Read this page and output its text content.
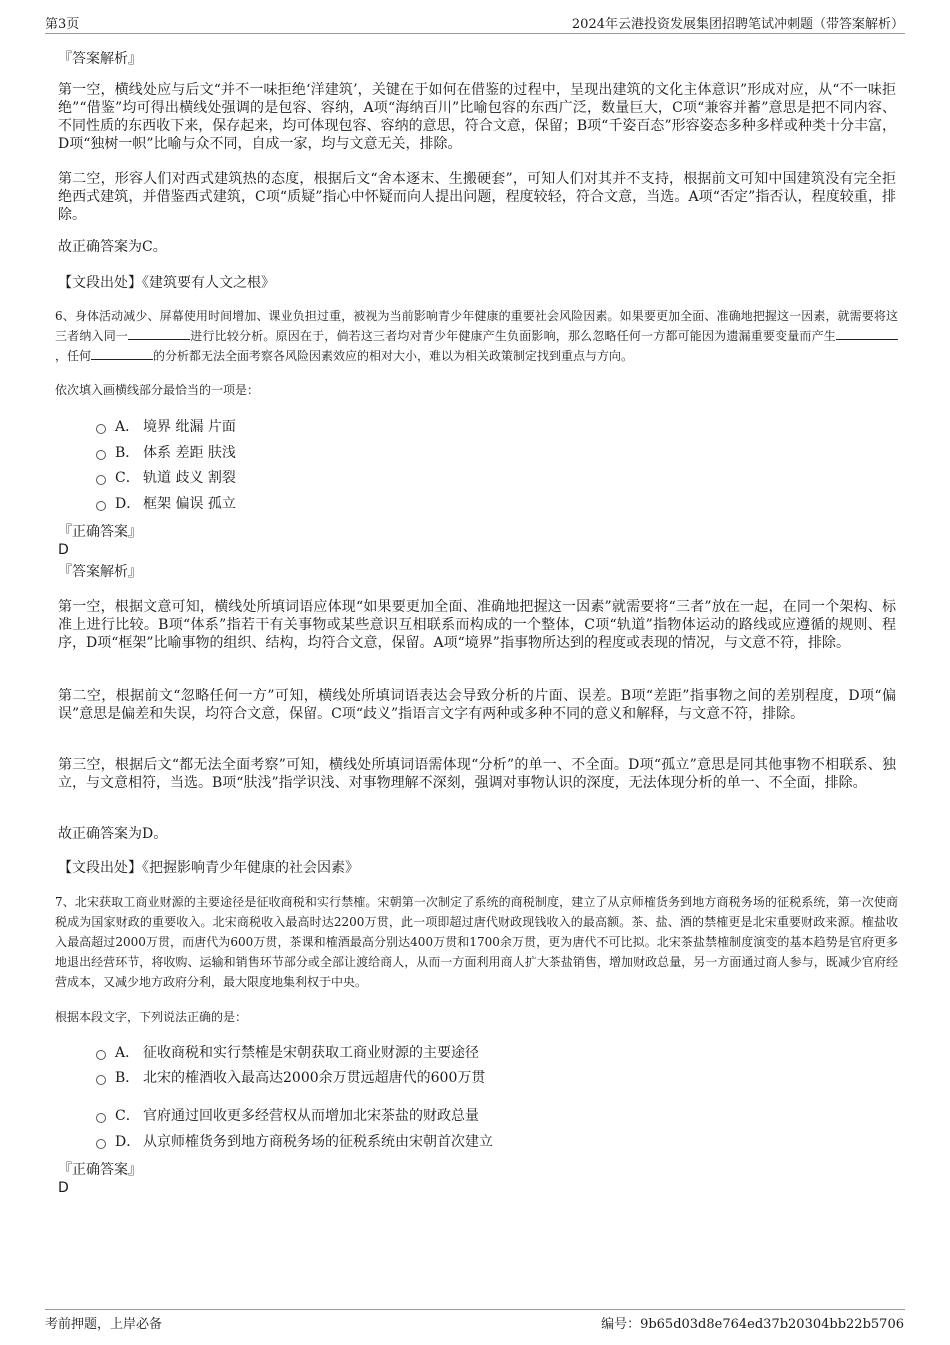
第3页	2024年云港投资发展集团招聘笔试冲刺题（带答案解析）
『答案解析』
第一空，横线处应与后文“并不一味拒绝‘洋建筑’，关键在于如何在借鉴的过程中，呈现出建筑的文化主体意识”形成对应，从“不一味拒绝”“借鉴”均可得出横线处强调的是包容、容纳，A项“海纳百川”比喻包容的东西广泛，数量巨大，C项“兼容并蓄”意思是把不同内容、不同性质的东西收下来，保存起来，均可体现包容、容纳的意思，符合文意，保留；B项“千姿百态”形容姿态多种多样或种类十分丰富，D项“独树一帜”比喻与众不同，自成一家，均与文意无关，排除。
第二空，形容人们对西式建筑热的态度，根据后文“舍本逐末、生搬硬套”，可知人们对其并不支持，根据前文可知中国建筑没有完全拒绝西式建筑，并借鉴西式建筑，C项“质疑”指心中怀疑而向人提出问题，程度较轻，符合文意，当选。A项“否定”指否认，程度较重，排除。
故正确答案为C。
【文段出处】《建筑要有人文之根》
6、身体活动减少、屏幕使用时间增加、课业负担过重，被视为当前影响青少年健康的重要社会风险因素。如果要更加全面、准确地把握这一因素，就需要将这三者纳入同一	进行比较分析。原因在于，倘若这三者均对青少年健康产生负面影响，那么忽略任何一方都可能因为遗漏重要变量而产生，任何	的分析都无法全面考察各风险因素效应的相对大小，难以为相关政策制定找到重点与方向。
依次填入画横线部分最恰当的一项是：
A． 境界 纰漏 片面
B． 体系 差距 肤浅
C． 轨道 歧义 割裂
D． 框架 偏误 孤立
『正确答案』
D
『答案解析』
第一空，根据文意可知，横线处所填词语应体现“如果要更加全面、准确地把握这一因素”就需要将“三者”放在一起，在同一个架构、标准上进行比较。B项“体系”指若干有关事物或某些意识互相联系而构成的一个整体，C项“轨道”指物体运动的路线或应遵循的规则、程序，D项“框架”比喻事物的组织、结构，均符合文意，保留。A项“境界”指事物所达到的程度或表现的情况，与文意不符，排除。
第二空，根据前文“忽略任何一方”可知，横线处所填词语表达会导致分析的片面、误差。B项“差距”指事物之间的差别程度，D项“偏误”意思是偏差和失误，均符合文意，保留。C项“歧义”指语言文字有两种或多种不同的意义和解释，与文意不符，排除。
第三空，根据后文“都无法全面考察”可知，横线处所填词语需体现“分析”的单一、不全面。D项“孤立”意思是同其他事物不相联系、独立，与文意相符，当选。B项“肤浅”指学识浅、对事物理解不深刻，强调对事物认识的深度，无法体现分析的单一、不全面，排除。
故正确答案为D。
【文段出处】《把握影响青少年健康的社会因素》
7、北宋获取工商业财源的主要途径是征收商税和实行禁榷。宋朝第一次制定了系统的商税制度，建立了从京师榷货务到地方商税务场的征税系统，第一次使商税成为国家财政的重要收入。北宋商税收入最高时达2200万贯，此一项即超过唐代财政现钱收入的最高额。茶、盐、酒的禁榷更是北宋重要财政来源。榷盐收入最高超过2000万贯，而唐代为600万贯，茶课和榷酒最高分别达400万贯和1700余万贯，更为唐代不可比拟。北宋茶盐禁榷制度演变的基本趋势是官府更多地退出经营环节，将收购、运输和销售环节部分或全部让渡给商人，从而一方面利用商人扩大茶盐销售，增加财政总量，另一方面通过商人参与，既减少官府经营成本，又减少地方政府分利，最大限度地集利权于中央。
根据本段文字，下列说法正确的是：
A． 征收商税和实行禁榷是宋朝获取工商业财源的主要途径
B． 北宋的榷酒收入最高达2000余万贯远超唐代的600万贯
C． 官府通过回收更多经营权从而增加北宋茶盐的财政总量
D． 从京师榷货务到地方商税务场的征税系统由宋朝首次建立
『正确答案』
D
考前押题，上岸必备	编号：9b65d03d8e764ed37b20304bb22b5706
